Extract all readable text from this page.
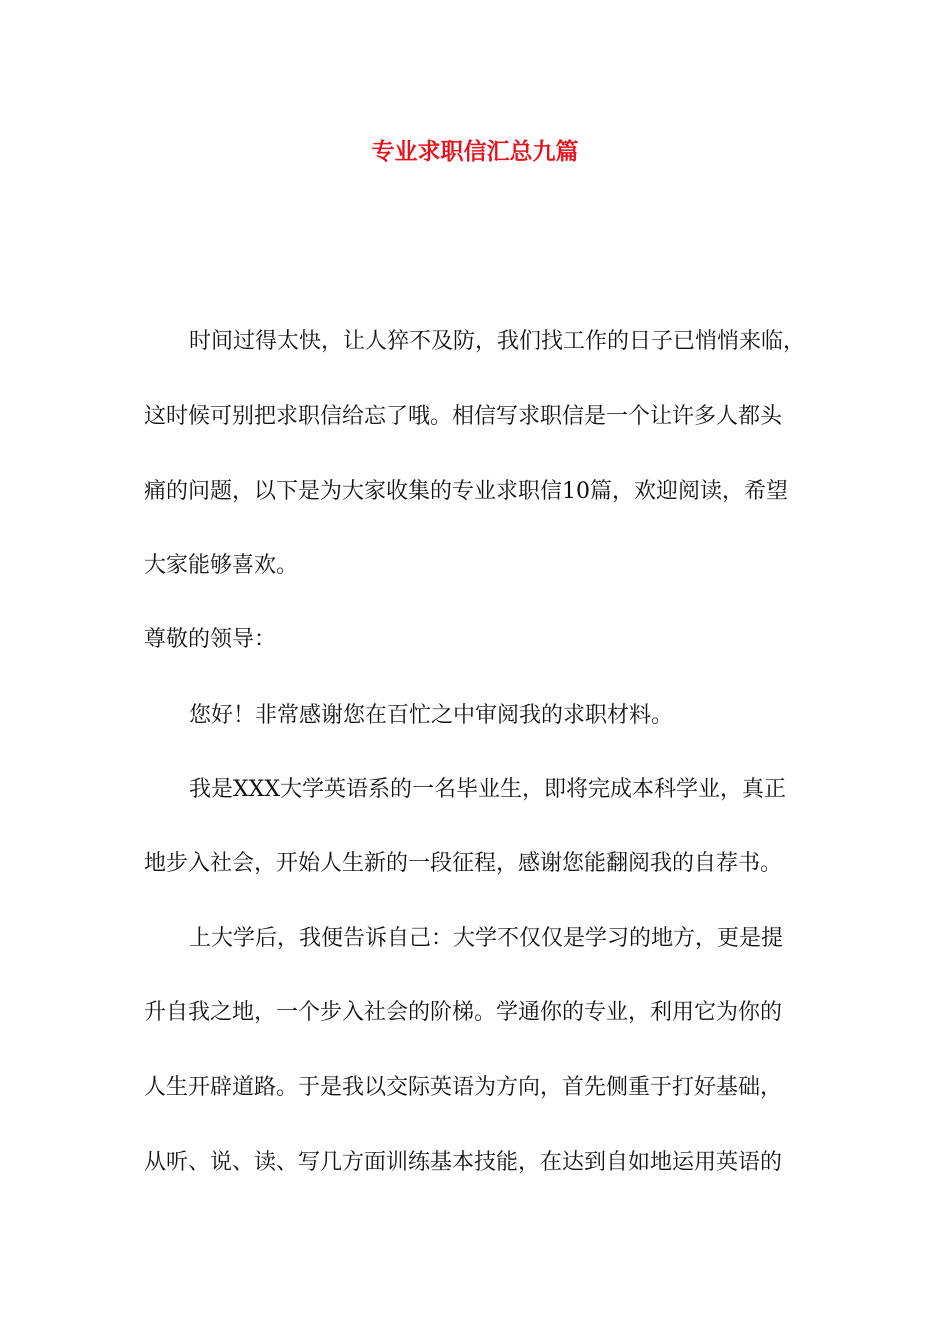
专业求职信汇总九篇

时间过得太快，让人猝不及防，我们找工作的日子已悄悄来临，

这时候可别把求职信给忘了哦。相信写求职信是一个让许多人都头

痛的问题，以下是为大家收集的专业求职信10篇，欢迎阅读，希望

大家能够喜欢。

尊敬的领导：

您好！非常感谢您在百忙之中审阅我的求职材料。

我是XXX大学英语系的一名毕业生，即将完成本科学业，真正

地步入社会，开始人生新的一段征程，感谢您能翻阅我的自荐书。

上大学后，我便告诉自己：大学不仅仅是学习的地方，更是提

升自我之地，一个步入社会的阶梯。学通你的专业，利用它为你的

人生开辟道路。于是我以交际英语为方向，首先侧重于打好基础，

从听、说、读、写几方面训练基本技能，在达到自如地运用英语的
